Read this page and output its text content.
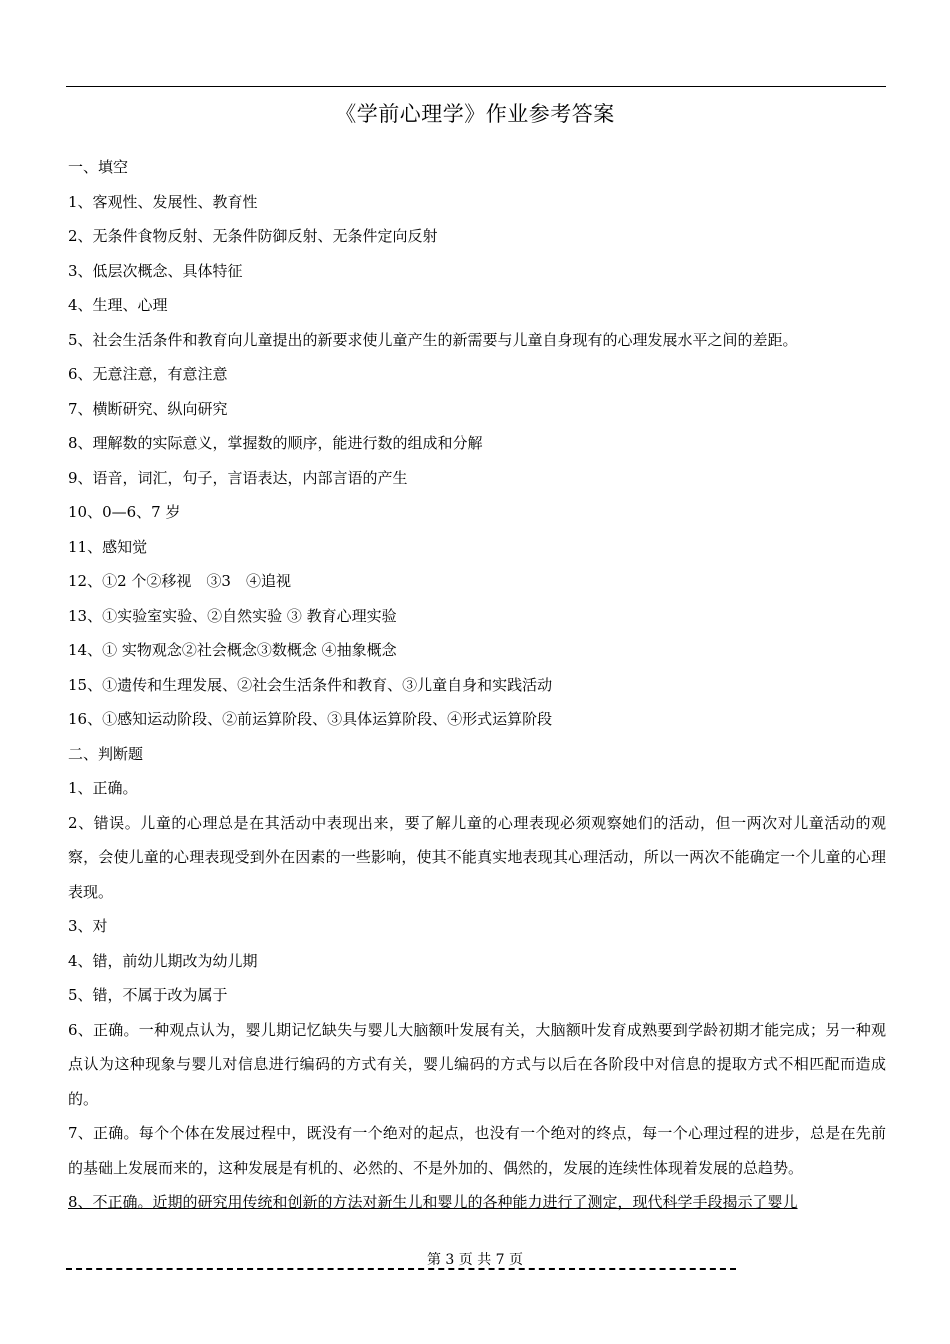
《学前心理学》作业参考答案
一、填空
1、客观性、发展性、教育性
2、无条件食物反射、无条件防御反射、无条件定向反射
3、低层次概念、具体特征
4、生理、心理
5、社会生活条件和教育向儿童提出的新要求使儿童产生的新需要与儿童自身现有的心理发展水平之间的差距。
6、无意注意，有意注意
7、横断研究、纵向研究
8、理解数的实际意义，掌握数的顺序，能进行数的组成和分解
9、语音，词汇，句子，言语表达，内部言语的产生
10、0—6、7 岁
11、感知觉
12、①2 个②移视　③3　④追视
13、①实验室实验、②自然实验 ③ 教育心理实验
14、① 实物观念②社会概念③数概念 ④抽象概念
15、①遗传和生理发展、②社会生活条件和教育、③儿童自身和实践活动
16、①感知运动阶段、②前运算阶段、③具体运算阶段、④形式运算阶段
二、判断题
1、正确。
2、错误。儿童的心理总是在其活动中表现出来，要了解儿童的心理表现必须观察她们的活动，但一两次对儿童活动的观察，会使儿童的心理表现受到外在因素的一些影响，使其不能真实地表现其心理活动，所以一两次不能确定一个儿童的心理表现。
3、对
4、错，前幼儿期改为幼儿期
5、错，不属于改为属于
6、正确。一种观点认为，婴儿期记忆缺失与婴儿大脑额叶发展有关，大脑额叶发育成熟要到学龄初期才能完成；另一种观点认为这种现象与婴儿对信息进行编码的方式有关，婴儿编码的方式与以后在各阶段中对信息的提取方式不相匹配而造成的。
7、正确。每个个体在发展过程中，既没有一个绝对的起点，也没有一个绝对的终点，每一个心理过程的进步，总是在先前的基础上发展而来的，这种发展是有机的、必然的、不是外加的、偶然的，发展的连续性体现着发展的总趋势。
8、不正确。近期的研究用传统和创新的方法对新生儿和婴儿的各种能力进行了测定，现代科学手段揭示了婴儿
第 3 页 共 7 页
